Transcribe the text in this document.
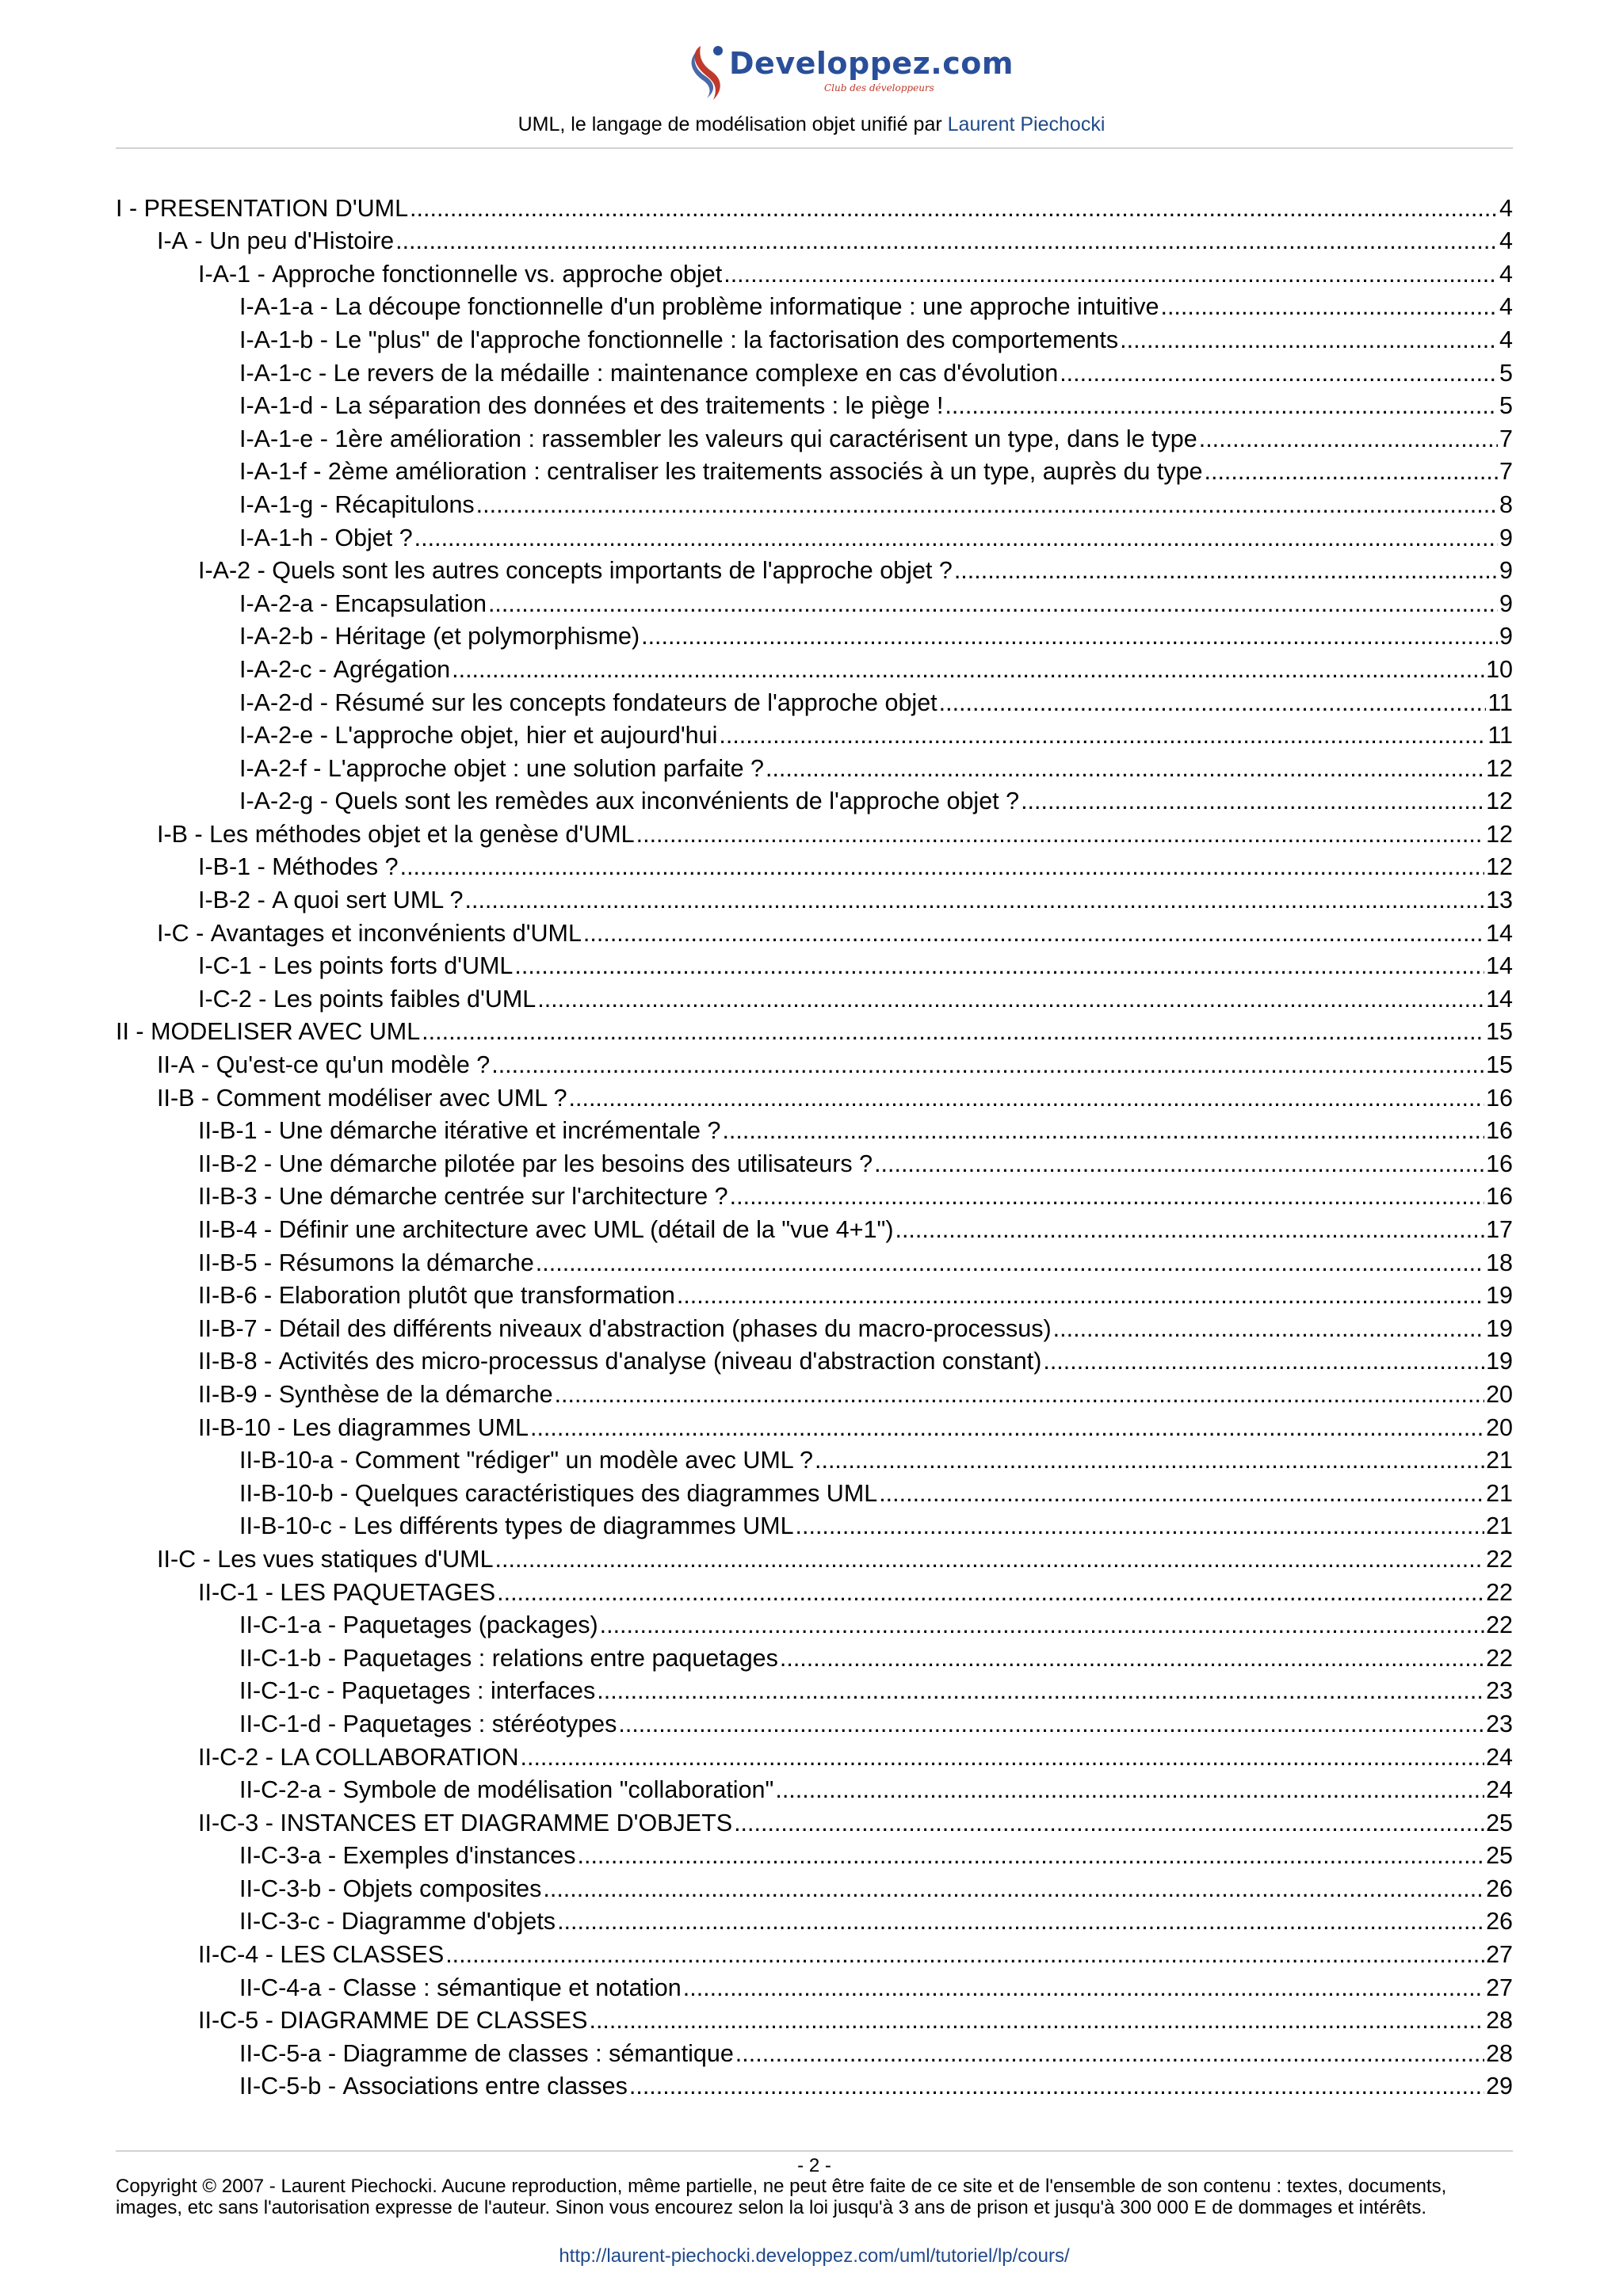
Developpez.com
Club des développeurs
UML, le langage de modélisation objet unifié par Laurent Piechocki
I - PRESENTATION D'UML .....	4
I-A - Un peu d'Histoire .....	4
I-A-1 - Approche fonctionnelle vs. approche objet .....	4
I-A-1-a - La découpe fonctionnelle d'un problème informatique : une approche intuitive .....	4
I-A-1-b - Le "plus" de l'approche fonctionnelle : la factorisation des comportements .....	4
I-A-1-c - Le revers de la médaille : maintenance complexe en cas d'évolution .....	5
I-A-1-d - La séparation des données et des traitements : le piège ! .....	5
I-A-1-e - 1ère amélioration : rassembler les valeurs qui caractérisent un type, dans le type .....	7
I-A-1-f - 2ème amélioration : centraliser les traitements associés à un type, auprès du type .....	7
I-A-1-g - Récapitulons .....	8
I-A-1-h - Objet ? .....	9
I-A-2 - Quels sont les autres concepts importants de l'approche objet ? .....	9
I-A-2-a - Encapsulation .....	9
I-A-2-b - Héritage (et polymorphisme) .....	9
I-A-2-c - Agrégation .....	10
I-A-2-d - Résumé sur les concepts fondateurs de l'approche objet .....	11
I-A-2-e - L'approche objet, hier et aujourd'hui .....	11
I-A-2-f - L'approche objet : une solution parfaite ? .....	12
I-A-2-g - Quels sont les remèdes aux inconvénients de l'approche objet ? .....	12
I-B - Les méthodes objet et la genèse d'UML .....	12
I-B-1 - Méthodes ? .....	12
I-B-2 - A quoi sert UML ? .....	13
I-C - Avantages et inconvénients d'UML .....	14
I-C-1 - Les points forts d'UML .....	14
I-C-2 - Les points faibles d'UML .....	14
II - MODELISER AVEC UML .....	15
II-A - Qu'est-ce qu'un modèle ? .....	15
II-B - Comment modéliser avec UML ? .....	16
II-B-1 - Une démarche itérative et incrémentale ? .....	16
II-B-2 - Une démarche pilotée par les besoins des utilisateurs ? .....	16
II-B-3 - Une démarche centrée sur l'architecture ? .....	16
II-B-4 - Définir une architecture avec UML (détail de la "vue 4+1") .....	17
II-B-5 - Résumons la démarche .....	18
II-B-6 - Elaboration plutôt que transformation .....	19
II-B-7 - Détail des différents niveaux d'abstraction (phases du macro-processus) .....	19
II-B-8 - Activités des micro-processus d'analyse (niveau d'abstraction constant) .....	19
II-B-9 - Synthèse de la démarche .....	20
II-B-10 - Les diagrammes UML .....	20
II-B-10-a - Comment "rédiger" un modèle avec UML ? .....	21
II-B-10-b - Quelques caractéristiques des diagrammes UML .....	21
II-B-10-c - Les différents types de diagrammes UML .....	21
II-C - Les vues statiques d'UML .....	22
II-C-1 - LES PAQUETAGES .....	22
II-C-1-a - Paquetages (packages) .....	22
II-C-1-b - Paquetages : relations entre paquetages .....	22
II-C-1-c - Paquetages : interfaces .....	23
II-C-1-d - Paquetages : stéréotypes .....	23
II-C-2 - LA COLLABORATION .....	24
II-C-2-a - Symbole de modélisation "collaboration" .....	24
II-C-3 - INSTANCES ET DIAGRAMME D'OBJETS .....	25
II-C-3-a - Exemples d'instances .....	25
II-C-3-b - Objets composites .....	26
II-C-3-c - Diagramme d'objets .....	26
II-C-4 - LES CLASSES .....	27
II-C-4-a - Classe : sémantique et notation .....	27
II-C-5 - DIAGRAMME DE CLASSES .....	28
II-C-5-a - Diagramme de classes : sémantique .....	28
II-C-5-b - Associations entre classes .....	29
- 2 -
Copyright © 2007 - Laurent Piechocki. Aucune reproduction, même partielle, ne peut être faite de ce site et de l'ensemble de son contenu : textes, documents, images, etc sans l'autorisation expresse de l'auteur. Sinon vous encourez selon la loi jusqu'à 3 ans de prison et jusqu'à 300 000 E de dommages et intérêts.
http://laurent-piechocki.developpez.com/uml/tutoriel/lp/cours/
